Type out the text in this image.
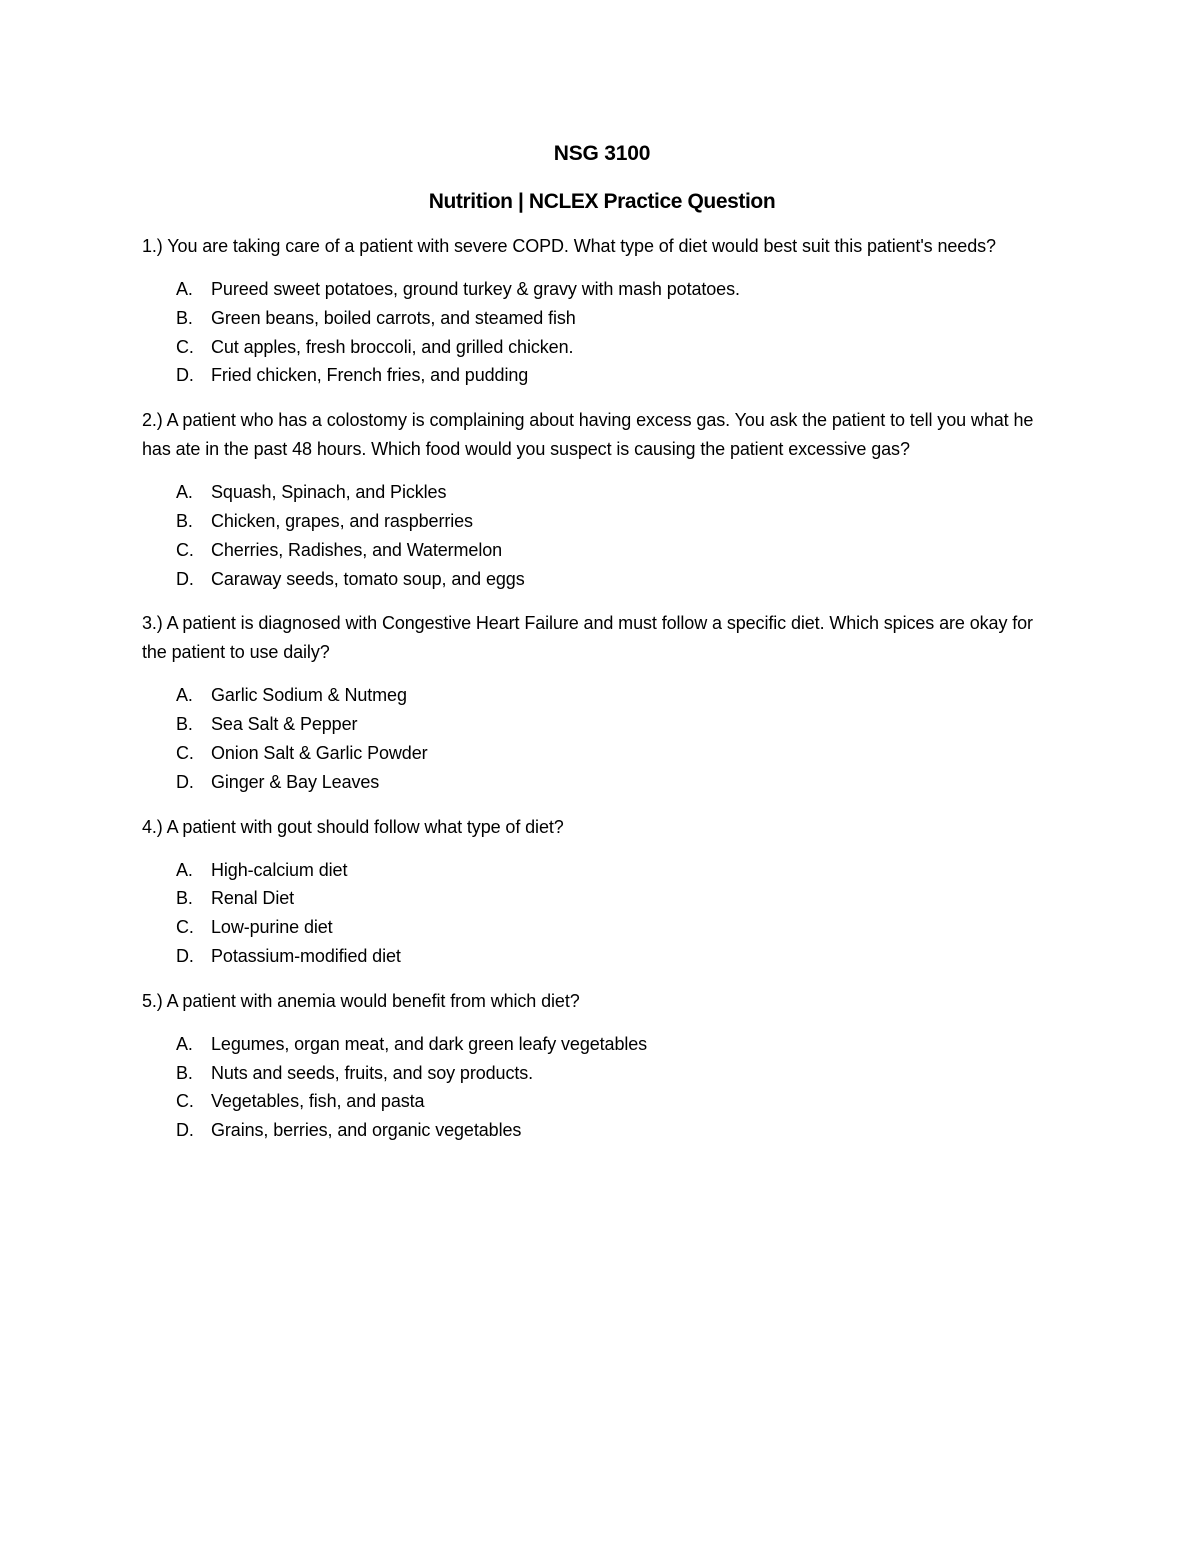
NSG 3100
Nutrition | NCLEX Practice Question

1.) You are taking care of a patient with severe COPD. What type of diet would best suit this patient's needs?

A.	Pureed sweet potatoes, ground turkey & gravy with mash potatoes.
B.	Green beans, boiled carrots, and steamed fish
C. Cut apples, fresh broccoli, and grilled chicken.
D. Fried chicken, French fries, and pudding

2.) A patient who has a colostomy is complaining about having excess gas. You ask the patient to tell you what he has ate in the past 48 hours. Which food would you suspect is causing the patient excessive gas?

A.	Squash, Spinach, and Pickles
B.	Chicken, grapes, and raspberries
C. Cherries, Radishes, and Watermelon
D. Caraway seeds, tomato soup, and eggs

3.) A patient is diagnosed with Congestive Heart Failure and must follow a specific diet. Which spices are okay for the patient to use daily?

A.	Garlic Sodium & Nutmeg
B.	Sea Salt & Pepper
C. Onion Salt & Garlic Powder
D. Ginger & Bay Leaves

4.) A patient with gout should follow what type of diet?

A.	High-calcium diet
B.	Renal Diet
C. Low-purine diet
D. Potassium-modified diet

5.) A patient with anemia would benefit from which diet?

A.	Legumes, organ meat, and dark green leafy vegetables
B.	Nuts and seeds, fruits, and soy products.
C. Vegetables, fish, and pasta
D. Grains, berries, and organic vegetables
